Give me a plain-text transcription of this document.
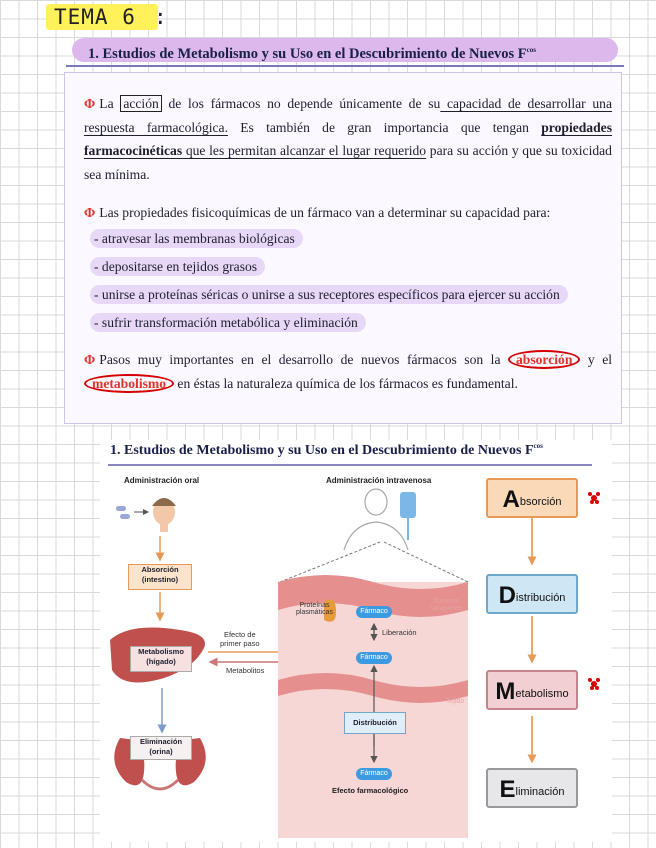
TEMA 6 :
1. Estudios de Metabolismo y su Uso en el Descubrimiento de Nuevos $F^{cos}$
Φ La acción de los fármacos no depende únicamente de su capacidad de desarrollar una respuesta farmacológica. Es también de gran importancia que tengan propiedades farmacocinéticas que les permitan alcanzar el lugar requerido para su acción y que su toxicidad sea mínima.
Φ Las propiedades fisicoquímicas de un fármaco van a determinar su capacidad para:
- atravesar las membranas biológicas
- depositarse en tejidos grasos
- unirse a proteínas séricas o unirse a sus receptores específicos para ejercer su acción
- sufrir transformación metabólica y eliminación
Φ Pasos muy importantes en el desarrollo de nuevos fármacos son la absorción y el metabolismo en éstas la naturaleza química de los fármacos es fundamental.
1. Estudios de Metabolismo y su Uso en el Descubrimiento de Nuevos $F^{cos}$
Administración oral	Administración intravenosa
Absorción
(intestino)
Metabolismo
(hígado)
Eliminación
(orina)
Efecto de
primer paso
Metabolitos
Proteínas
plasmáticas	Fármaco
Liberación
Fármaco
Torrente
sanguíneo
Tejido
Distribución
Fármaco
Efecto farmacológico
Absorción
Distribución
Metabolismo
Eliminación
